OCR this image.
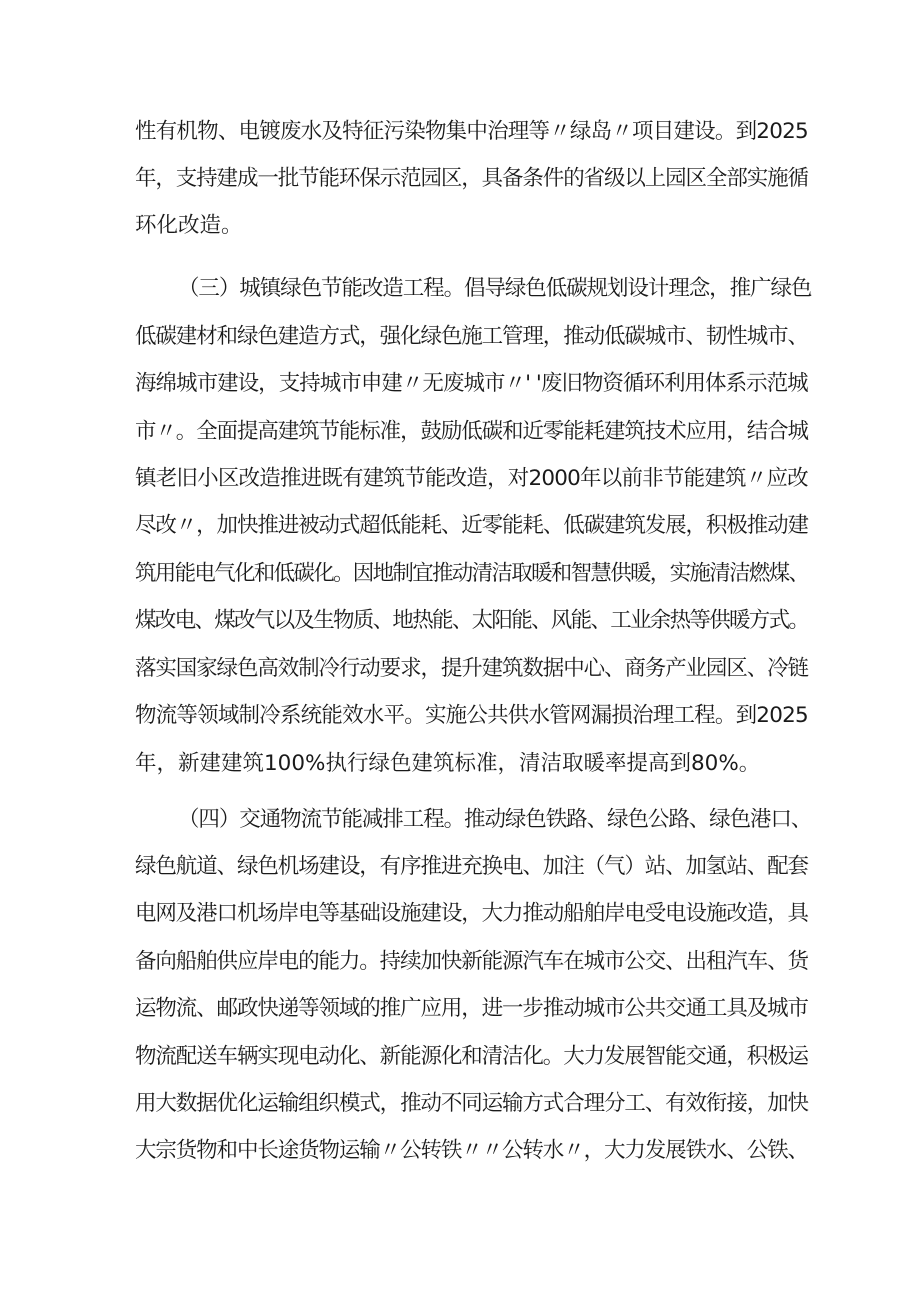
性有机物、电镀废水及特征污染物集中治理等〃绿岛〃项目建设。到2025
年，支持建成一批节能环保示范园区，具备条件的省级以上园区全部实施循
环化改造。
（三）城镇绿色节能改造工程。倡导绿色低碳规划设计理念，推广绿色
低碳建材和绿色建造方式，强化绿色施工管理，推动低碳城市、韧性城市、
海绵城市建设，支持城市申建〃无废城市〃' '废旧物资循环利用体系示范城
市〃。全面提高建筑节能标准，鼓励低碳和近零能耗建筑技术应用，结合城
镇老旧小区改造推进既有建筑节能改造，对2000年以前非节能建筑〃应改
尽改〃，加快推进被动式超低能耗、近零能耗、低碳建筑发展，积极推动建
筑用能电气化和低碳化。因地制宜推动清洁取暖和智慧供暖，实施清洁燃煤、
煤改电、煤改气以及生物质、地热能、太阳能、风能、工业余热等供暖方式。
落实国家绿色高效制冷行动要求，提升建筑数据中心、商务产业园区、冷链
物流等领域制冷系统能效水平。实施公共供水管网漏损治理工程。到2025
年，新建建筑100%执行绿色建筑标准，清洁取暖率提高到80%。
（四）交通物流节能减排工程。推动绿色铁路、绿色公路、绿色港口、
绿色航道、绿色机场建设，有序推进充换电、加注（气）站、加氢站、配套
电网及港口机场岸电等基础设施建设，大力推动船舶岸电受电设施改造，具
备向船舶供应岸电的能力。持续加快新能源汽车在城市公交、出租汽车、货
运物流、邮政快递等领域的推广应用，进一步推动城市公共交通工具及城市
物流配送车辆实现电动化、新能源化和清洁化。大力发展智能交通，积极运
用大数据优化运输组织模式，推动不同运输方式合理分工、有效衔接，加快
大宗货物和中长途货物运输〃公转铁〃〃公转水〃，大力发展铁水、公铁、
